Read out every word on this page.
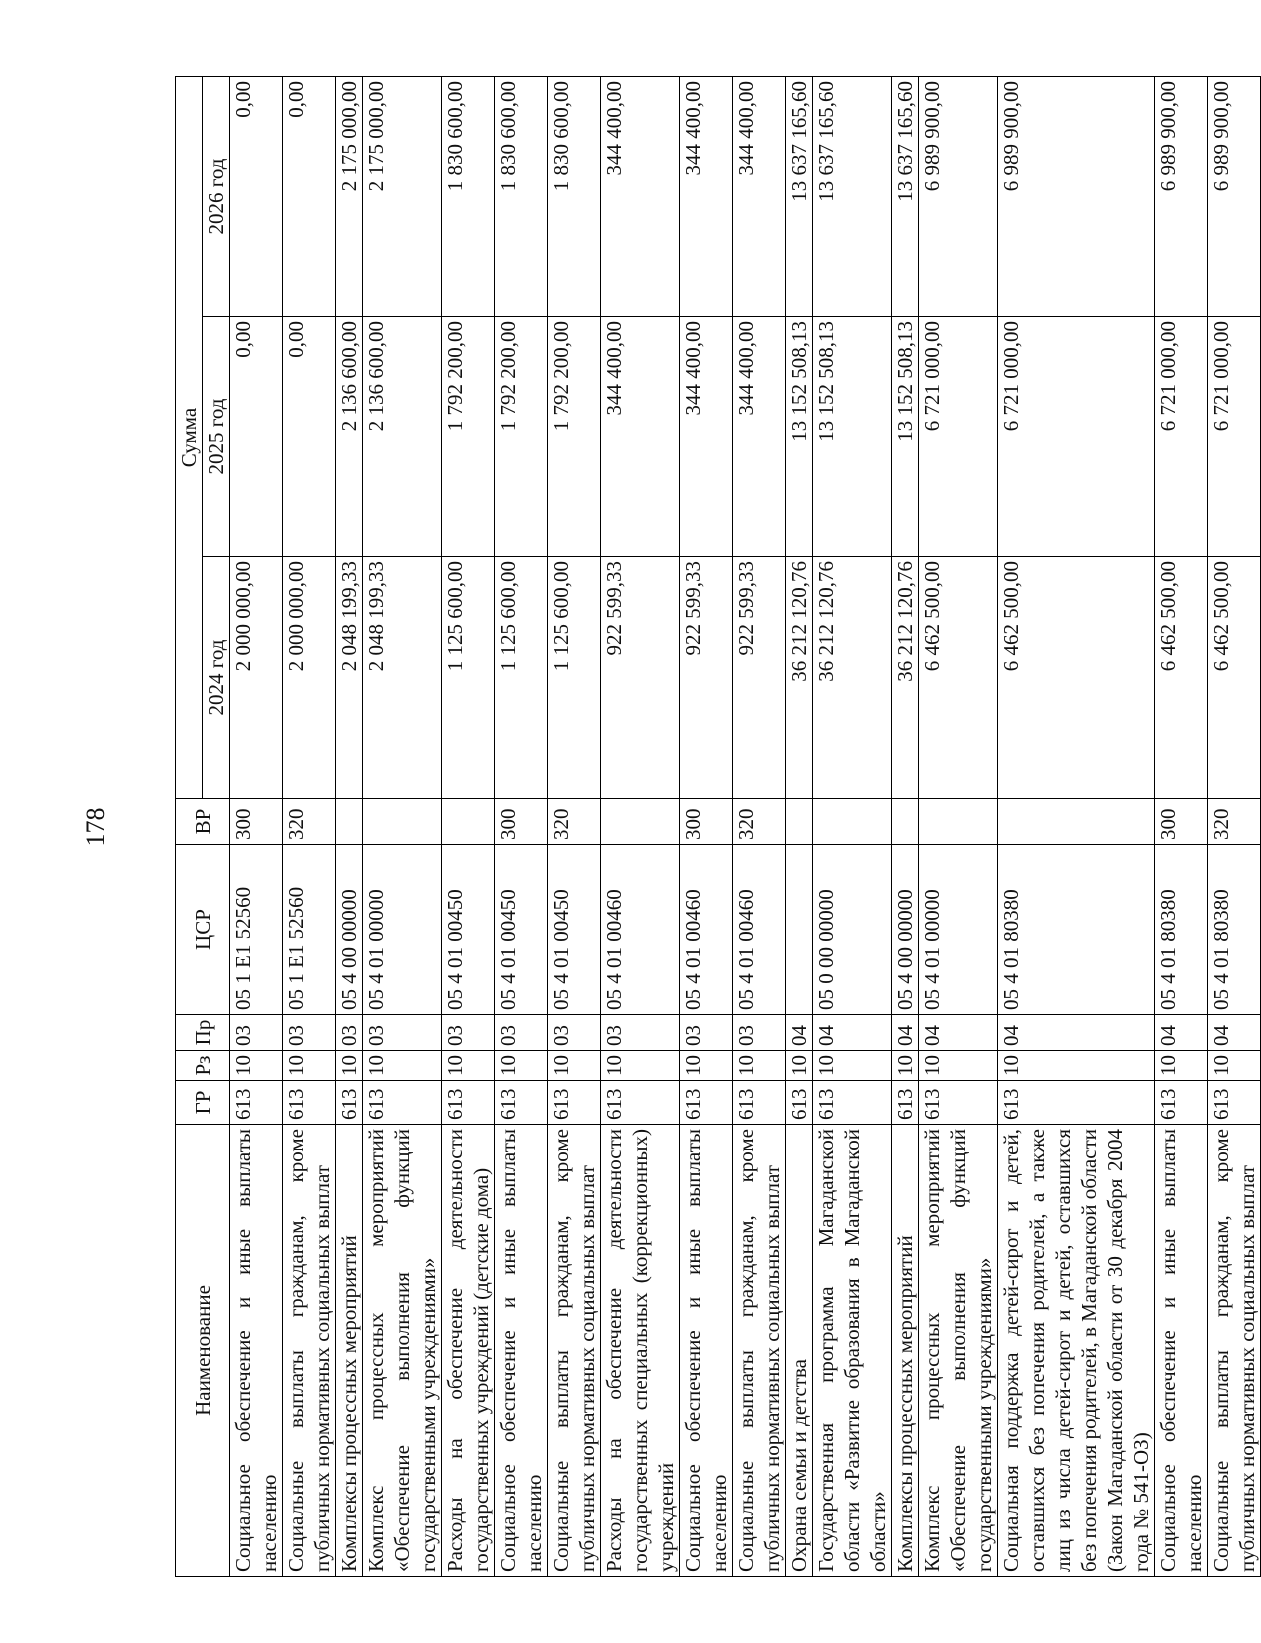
178
Наименование	ГР	Рз	Пр	ЦСР	ВР	Сумма		
						2024 год	2025 год	2026 год
Социальное обеспечение и иные выплаты населению	613	10	03	05 1 Е1 52560	300	2 000 000,00	0,00	0,00
Социальные выплаты гражданам, кроме публичных нормативных социальных выплат	613	10	03	05 1 Е1 52560	320	2 000 000,00	0,00	0,00
Комплексы процессных мероприятий	613	10	03	05 4 00 00000		2 048 199,33	2 136 600,00	2 175 000,00
Комплекс процессных мероприятий «Обеспечение выполнения функций государственными учреждениями»	613	10	03	05 4 01 00000		2 048 199,33	2 136 600,00	2 175 000,00
Расходы на обеспечение деятельности государственных учреждений (детские дома)	613	10	03	05 4 01 00450		1 125 600,00	1 792 200,00	1 830 600,00
Социальное обеспечение и иные выплаты населению	613	10	03	05 4 01 00450	300	1 125 600,00	1 792 200,00	1 830 600,00
Социальные выплаты гражданам, кроме публичных нормативных социальных выплат	613	10	03	05 4 01 00450	320	1 125 600,00	1 792 200,00	1 830 600,00
Расходы на обеспечение деятельности государственных специальных (коррекционных) учреждений	613	10	03	05 4 01 00460		922 599,33	344 400,00	344 400,00
Социальное обеспечение и иные выплаты населению	613	10	03	05 4 01 00460	300	922 599,33	344 400,00	344 400,00
Социальные выплаты гражданам, кроме публичных нормативных социальных выплат	613	10	03	05 4 01 00460	320	922 599,33	344 400,00	344 400,00
Охрана семьи и детства	613	10	04			36 212 120,76	13 152 508,13	13 637 165,60
Государственная программа Магаданской области «Развитие образования в Магаданской области»	613	10	04	05 0 00 00000		36 212 120,76	13 152 508,13	13 637 165,60
Комплексы процессных мероприятий	613	10	04	05 4 00 00000		36 212 120,76	13 152 508,13	13 637 165,60
Комплекс процессных мероприятий «Обеспечение выполнения функций государственными учреждениями»	613	10	04	05 4 01 00000		6 462 500,00	6 721 000,00	6 989 900,00
Социальная поддержка детей-сирот и детей, оставшихся без попечения родителей, а также лиц из числа детей-сирот и детей, оставшихся без попечения родителей, в Магаданской области (Закон Магаданской области от 30 декабря 2004 года № 541-ОЗ)	613	10	04	05 4 01 80380		6 462 500,00	6 721 000,00	6 989 900,00
Социальное обеспечение и иные выплаты населению	613	10	04	05 4 01 80380	300	6 462 500,00	6 721 000,00	6 989 900,00
Социальные выплаты гражданам, кроме публичных нормативных социальных выплат	613	10	04	05 4 01 80380	320	6 462 500,00	6 721 000,00	6 989 900,00
